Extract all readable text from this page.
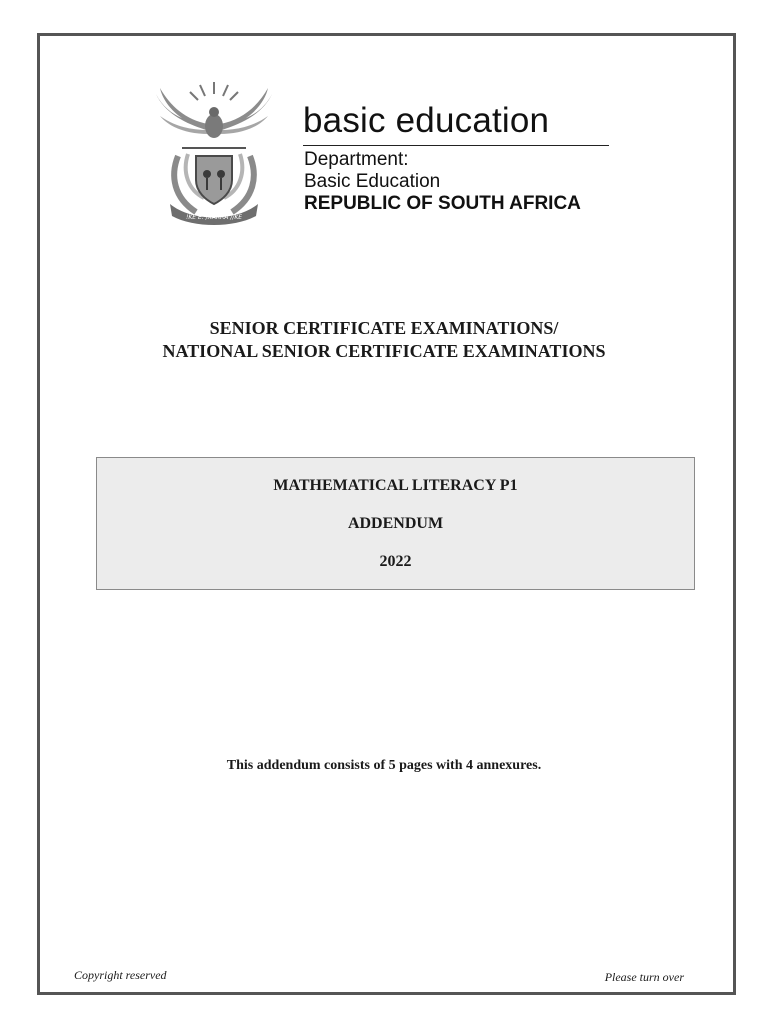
!KE E: /XARRA //KE
basic education
Department:
Basic Education
REPUBLIC OF SOUTH AFRICA
SENIOR CERTIFICATE EXAMINATIONS/
NATIONAL SENIOR CERTIFICATE EXAMINATIONS
MATHEMATICAL LITERACY P1
ADDENDUM
2022
This addendum consists of 5 pages with 4 annexures.
Copyright reserved	Please turn over
